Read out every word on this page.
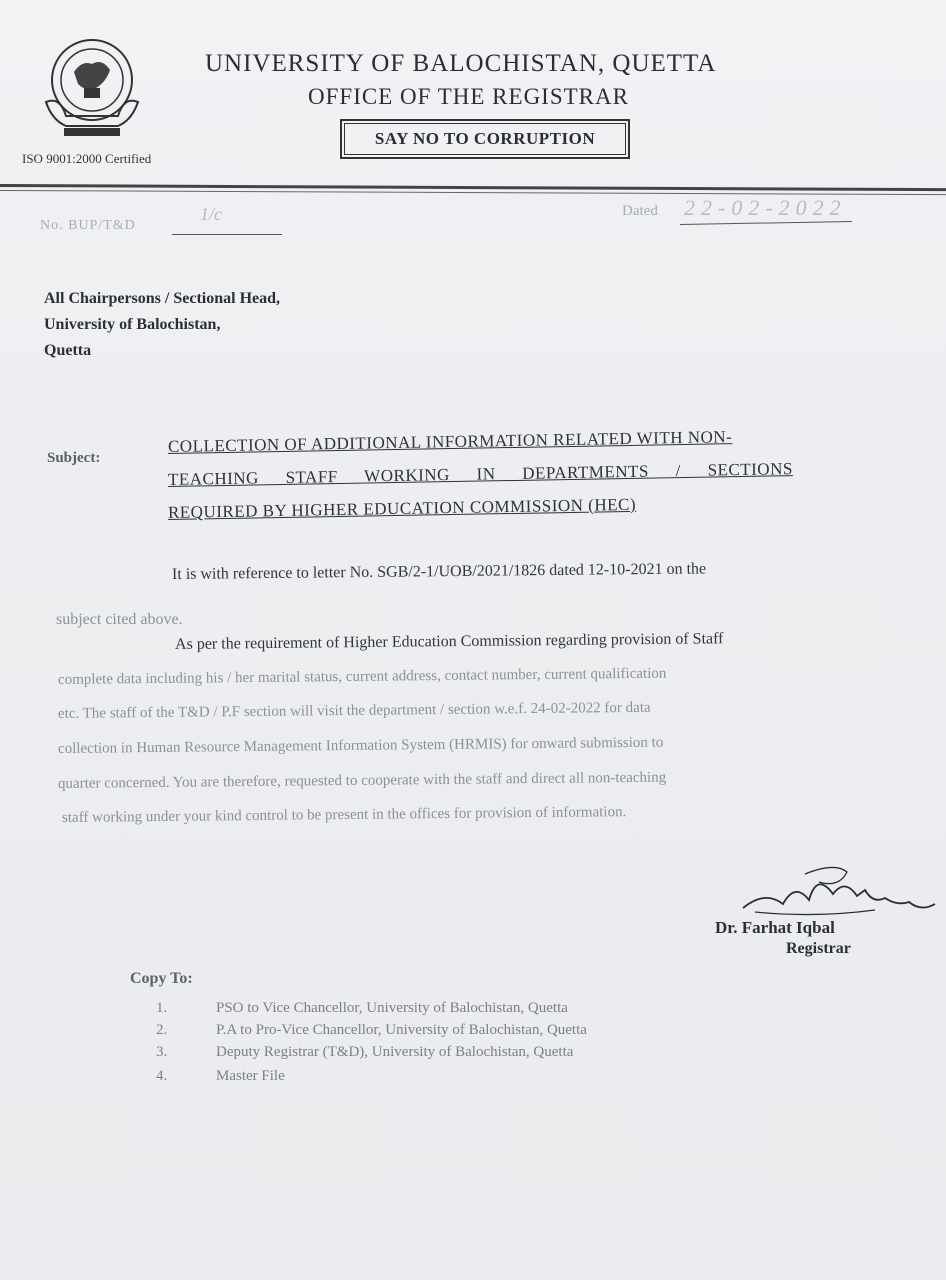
ISO 9001:2000 Certified
UNIVERSITY OF BALOCHISTAN, QUETTA
OFFICE OF THE REGISTRAR
SAY NO TO CORRUPTION
No. BUP/T&D
1/c	Dated 22-02-2022
All Chairpersons / Sectional Head,
University of Balochistan,
Quetta
Subject:
COLLECTION OF ADDITIONAL INFORMATION RELATED WITH NON-
TEACHING STAFF WORKING IN DEPARTMENTS / SECTIONS
REQUIRED BY HIGHER EDUCATION COMMISSION (HEC)
It is with reference to letter No. SGB/2-1/UOB/2021/1826 dated 12-10-2021 on the
subject cited above.
As per the requirement of Higher Education Commission regarding provision of Staff
complete data including his / her marital status, current address, contact number, current qualification
etc. The staff of the T&D / P.F section will visit the department / section w.e.f. 24-02-2022 for data
collection in Human Resource Management Information System (HRMIS) for onward submission to
quarter concerned. You are therefore, requested to cooperate with the staff and direct all non-teaching
staff working under your kind control to be present in the offices for provision of information.
Dr. Farhat Iqbal
Registrar
Copy To:
1.	PSO to Vice Chancellor, University of Balochistan, Quetta
2.	P.A to Pro-Vice Chancellor, University of Balochistan, Quetta
3.	Deputy Registrar (T&D), University of Balochistan, Quetta
4.	Master File
